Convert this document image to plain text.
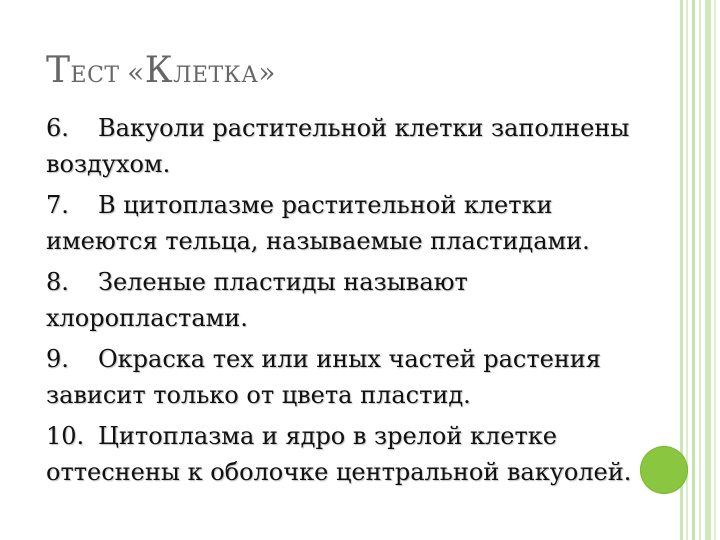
ТЕСТ «КЛЕТКА»

6. Вакуоли растительной клетки заполнены
воздухом.

7. В цитоплазме растительной клетки
имеются тельца, называемые пластидами.

8. Зеленые пластиды называют
хлоропластами.

9. Окраска тех или иных частей растения
зависит только от цвета пластид.

10. Цитоплазма и ядро в зрелой клетке
оттеснены к оболочке центральной вакуолей.
